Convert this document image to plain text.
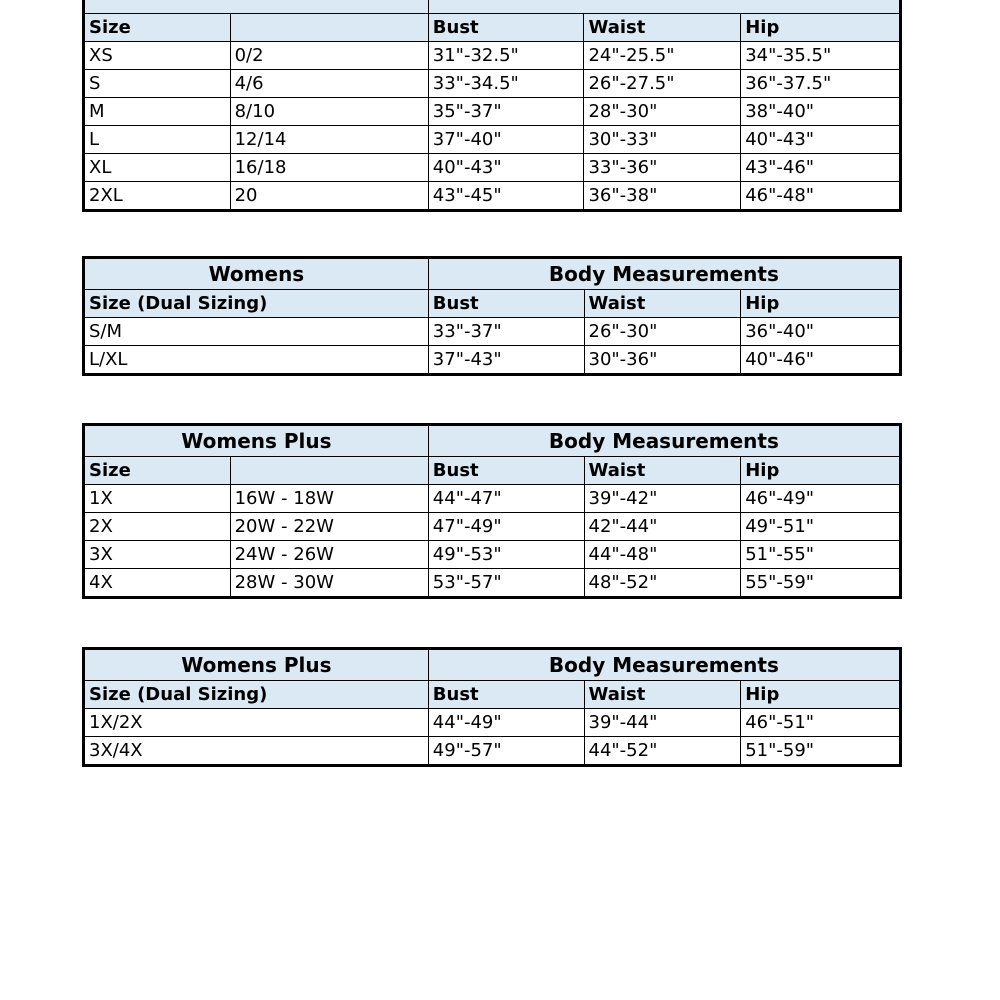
Size		Bust	Waist	Hip
XS	0/2	31"-32.5"	24"-25.5"	34"-35.5"
S	4/6	33"-34.5"	26"-27.5"	36"-37.5"
M	8/10	35"-37"	28"-30"	38"-40"
L	12/14	37"-40"	30"-33"	40"-43"
XL	16/18	40"-43"	33"-36"	43"-46"
2XL	20	43"-45"	36"-38"	46"-48"
Womens	Body Measurements		
Size (Dual Sizing)	Bust	Waist	Hip
S/M	33"-37"	26"-30"	36"-40"
L/XL	37"-43"	30"-36"	40"-46"
Womens Plus		Body Measurements		
Size		Bust	Waist	Hip
1X	16W - 18W	44"-47"	39"-42"	46"-49"
2X	20W - 22W	47"-49"	42"-44"	49"-51"
3X	24W - 26W	49"-53"	44"-48"	51"-55"
4X	28W - 30W	53"-57"	48"-52"	55"-59"
Womens Plus	Body Measurements		
Size (Dual Sizing)	Bust	Waist	Hip
1X/2X	44"-49"	39"-44"	46"-51"
3X/4X	49"-57"	44"-52"	51"-59"
